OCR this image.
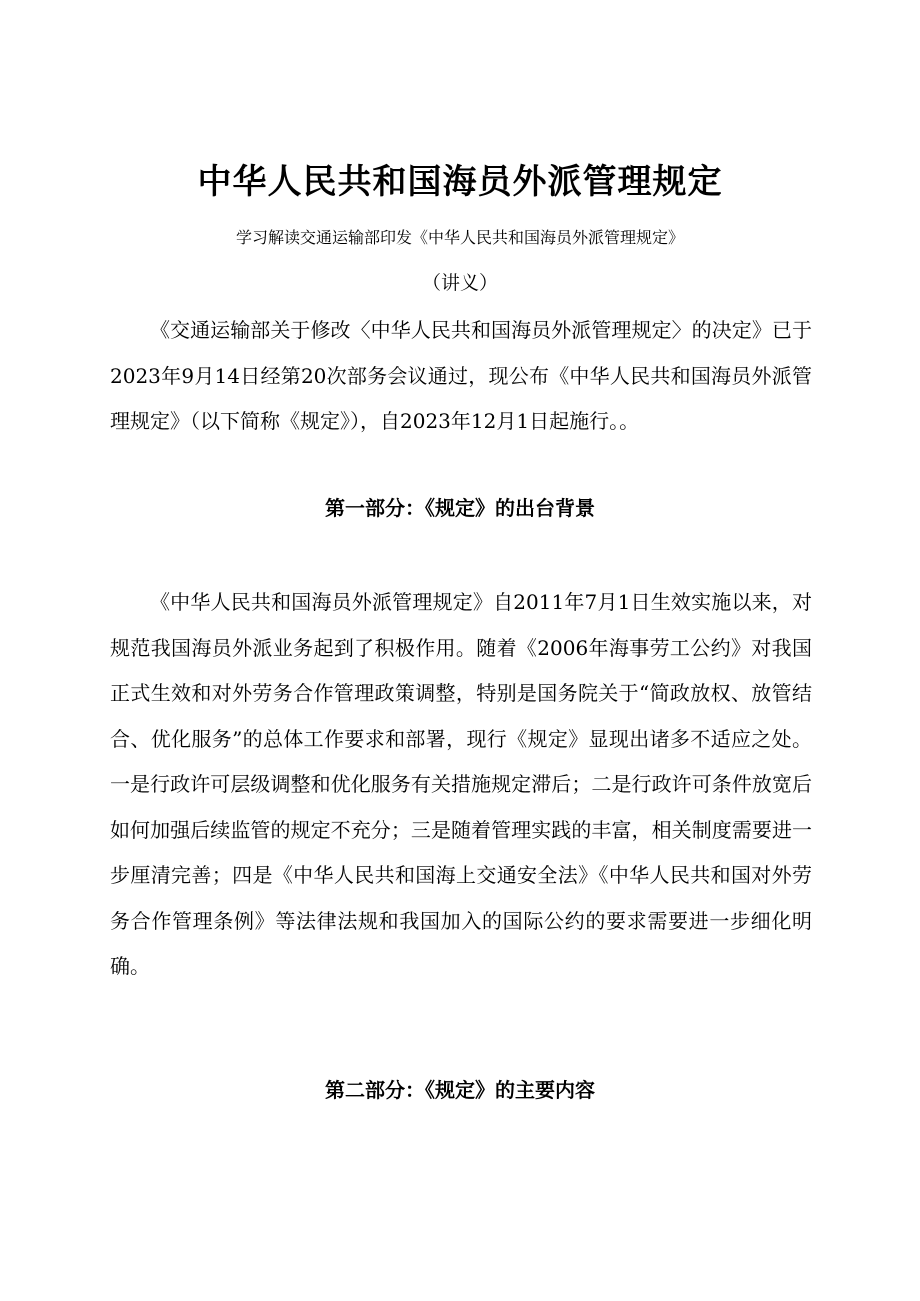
中华人民共和国海员外派管理规定
学习解读交通运输部印发《中华人民共和国海员外派管理规定》
（讲义）

《交通运输部关于修改〈中华人民共和国海员外派管理规定〉的决定》已于2023年9月14日经第20次部务会议通过，现公布《中华人民共和国海员外派管理规定》（以下简称《规定》），自2023年12月1日起施行。。

第一部分：《规定》的出台背景

《中华人民共和国海员外派管理规定》自2011年7月1日生效实施以来，对规范我国海员外派业务起到了积极作用。随着《2006年海事劳工公约》对我国正式生效和对外劳务合作管理政策调整，特别是国务院关于“简政放权、放管结合、优化服务”的总体工作要求和部署，现行《规定》显现出诸多不适应之处。一是行政许可层级调整和优化服务有关措施规定滞后；二是行政许可条件放宽后如何加强后续监管的规定不充分；三是随着管理实践的丰富，相关制度需要进一步厘清完善；四是《中华人民共和国海上交通安全法》《中华人民共和国对外劳务合作管理条例》等法律法规和我国加入的国际公约的要求需要进一步细化明确。

第二部分：《规定》的主要内容
